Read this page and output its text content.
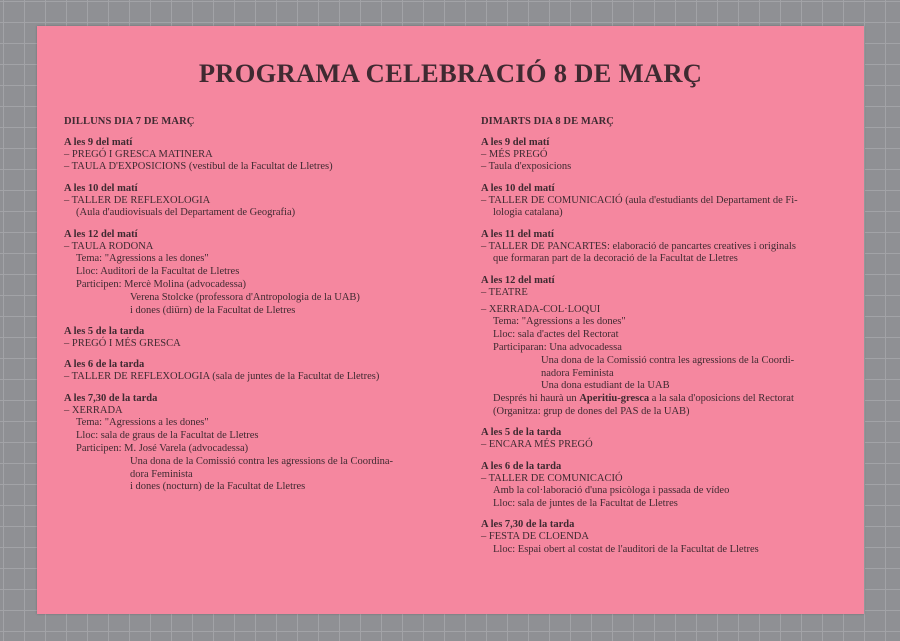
PROGRAMA CELEBRACIÓ 8 DE MARÇ
DILLUNS DIA 7 DE MARÇ
A les 9 del matí
– PREGÓ I GRESCA MATINERA
– TAULA D'EXPOSICIONS (vestíbul de la Facultat de Lletres)
A les 10 del matí
– TALLER DE REFLEXOLOGIA
(Aula d'audiovisuals del Departament de Geografia)
A les 12 del matí
– TAULA RODONA
Tema: "Agressions a les dones"
Lloc: Auditori de la Facultat de Lletres
Participen: Mercè Molina (advocadessa)
Verena Stolcke (professora d'Antropologia de la UAB)
i dones (diürn) de la Facultat de Lletres
A les 5 de la tarda
– PREGÓ I MÉS GRESCA
A les 6 de la tarda
– TALLER DE REFLEXOLOGIA (sala de juntes de la Facultat de Lletres)
A les 7,30 de la tarda
– XERRADA
Tema: "Agressions a les dones"
Lloc: sala de graus de la Facultat de Lletres
Participen: M. José Varela (advocadessa)
Una dona de la Comissió contra les agressions de la Coordina-
dora Feminista
i dones (nocturn) de la Facultat de Lletres
DIMARTS DIA 8 DE MARÇ
A les 9 del matí
– MÉS PREGÓ
– Taula d'exposicions
A les 10 del matí
– TALLER DE COMUNICACIÓ (aula d'estudiants del Departament de Fi-
lologia catalana)
A les 11 del matí
– TALLER DE PANCARTES: elaboració de pancartes creatives i originals
que formaran part de la decoració de la Facultat de Lletres
A les 12 del matí
– TEATRE
– XERRADA-COL·LOQUI
Tema: "Agressions a les dones"
Lloc: sala d'actes del Rectorat
Participaran: Una advocadessa
Una dona de la Comissió contra les agressions de la Coordi-
nadora Feminista
Una dona estudiant de la UAB
Després hi haurà un Aperitiu-gresca a la sala d'oposicions del Rectorat
(Organitza: grup de dones del PAS de la UAB)
A les 5 de la tarda
– ENCARA MÉS PREGÓ
A les 6 de la tarda
– TALLER DE COMUNICACIÓ
Amb la col·laboració d'una psicòloga i passada de vídeo
Lloc: sala de juntes de la Facultat de Lletres
A les 7,30 de la tarda
– FESTA DE CLOENDA
Lloc: Espai obert al costat de l'auditori de la Facultat de Lletres
